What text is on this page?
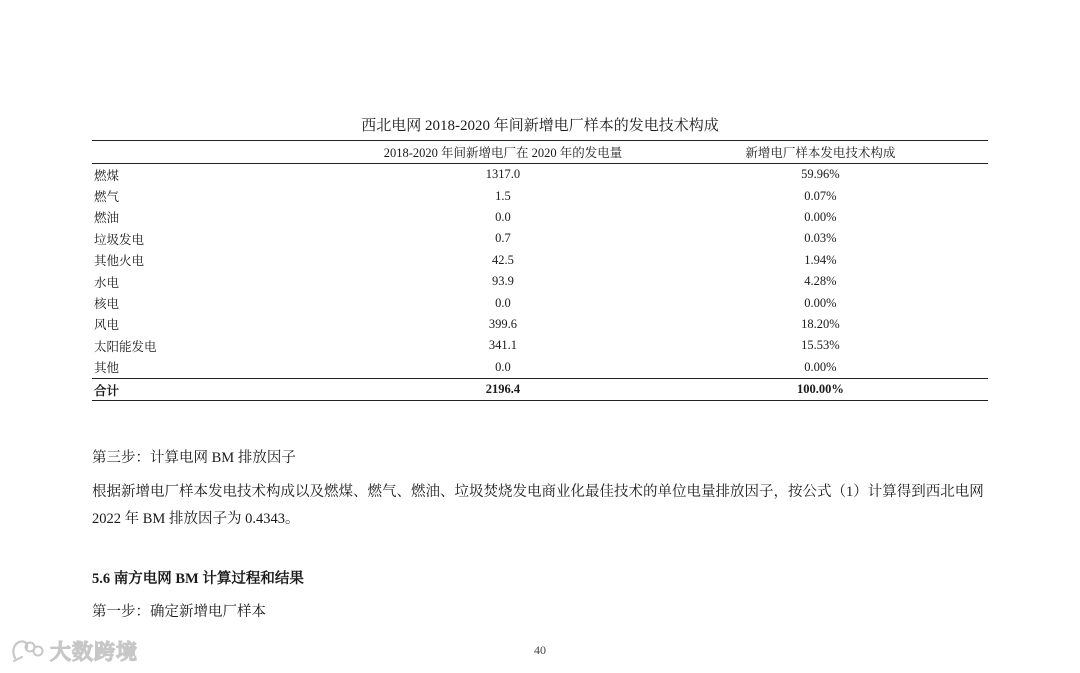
西北电网 2018-2020 年间新增电厂样本的发电技术构成
	2018-2020 年间新增电厂在 2020 年的发电量	新增电厂样本发电技术构成
燃煤	1317.0	59.96%
燃气	1.5	0.07%
燃油	0.0	0.00%
垃圾发电	0.7	0.03%
其他火电	42.5	1.94%
水电	93.9	4.28%
核电	0.0	0.00%
风电	399.6	18.20%
太阳能发电	341.1	15.53%
其他	0.0	0.00%
合计	2196.4	100.00%
第三步：计算电网 BM 排放因子
根据新增电厂样本发电技术构成以及燃煤、燃气、燃油、垃圾焚烧发电商业化最佳技术的单位电量排放因子，按公式（1）计算得到西北电网 2022 年 BM 排放因子为 0.4343。
5.6 南方电网 BM 计算过程和结果
第一步：确定新增电厂样本
40
大数跨境
